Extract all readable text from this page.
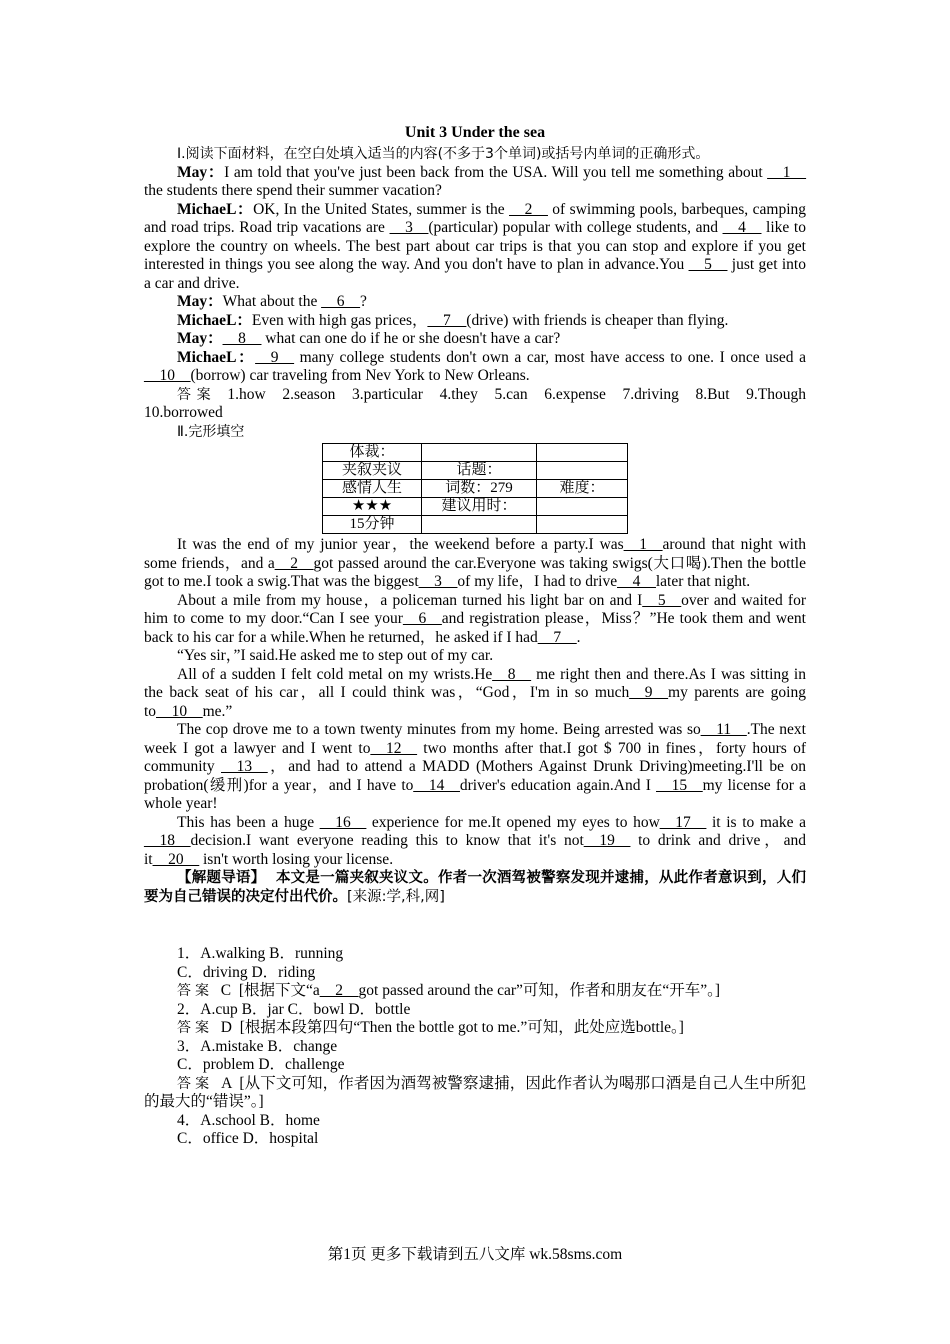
Unit 3 Under the sea

Ⅰ.阅读下面材料，在空白处填入适当的内容(不多于3个单词)或括号内单词的正确形式。

May：I am told that you've just been back from the USA. Will you tell me something about __1__ the students there spend their summer vacation?

MichaeL：OK, In the United States, summer is the __2__ of swimming pools, barbeques, camping and road trips. Road trip vacations are __3__(particular) popular with college students, and __4__ like to explore the country on wheels. The best part about car trips is that you can stop and explore if you get interested in things you see along the way. And you don't have to plan in advance.You __5__ just get into a car and drive.

May：What about the __6__?

MichaeL：Even with high gas prices，__7__(drive) with friends is cheaper than flying.

May：__8__ what can one do if he or she doesn't have a car?

MichaeL：__9__ many college students don't own a car, most have access to one. I once used a __10__(borrow) car traveling from Nev York to New Orleans.

答案  1.how   2.season   3.particular   4.they   5.can   6.expense   7.driving   8.But   9.Though   10.borrowed

Ⅱ.完形填空

体裁：		
夹叙夹议	话题：	
感情人生	词数：279	难度：
★★★	建议用时：	
15分钟		

It was the end of my junior year，the weekend before a party.I was__1__around that night with some friends，and a__2__got passed around the car.Everyone was taking swigs(大口喝).Then the bottle got to me.I took a swig.That was the biggest__3__of my life，I had to drive__4__later that night.

About a mile from my house，a policeman turned his light bar on and I__5__over and waited for him to come to my door.“Can I see your__6__and registration please，Miss？”He took them and went back to his car for a while.When he returned，he asked if I had__7__.

“Yes sir，”I said.He asked me to step out of my car.

All of a sudden I felt cold metal on my wrists.He__8__ me right then and there.As I was sitting in the back seat of his car，all I could think was，“God，I'm in so much__9__my parents are going to__10__me.”

The cop drove me to a town twenty minutes from my home. Being arrested was so__11__.The next week I got a lawyer and I went to__12__ two months after that.I got $ 700 in fines，forty hours of community __13__，and had to attend a MADD (Mothers Against Drunk Driving)meeting.I'll be on probation(缓刑)for a year，and I have to__14__driver's education again.And I __15__my license for a whole year!

This has been a huge __16__ experience for me.It opened my eyes to how__17__ it is to make a __18__decision.I want everyone reading this to know that it's not__19__ to drink and drive，and it__20__ isn't worth losing your license.

【解题导语】  本文是一篇夹叙夹议文。作者一次酒驾被警察发现并逮捕，从此作者意识到，人们要为自己错误的决定付出代价。[来源:学,科,网]

1．A.walking B．running

C．driving D．riding

答案  C  [根据下文“a__2__got passed around the car”可知，作者和朋友在“开车”。]

2．A.cup B．jar C．bowl D．bottle

答案  D  [根据本段第四句“Then the bottle got to me.”可知，此处应选bottle。]

3．A.mistake B．change

C．problem D．challenge

答案  A  [从下文可知，作者因为酒驾被警察逮捕，因此作者认为喝那口酒是自己人生中所犯的最大的“错误”。]

4．A.school B．home

C．office D．hospital

第1页 更多下载请到五八文库 wk.58sms.com
